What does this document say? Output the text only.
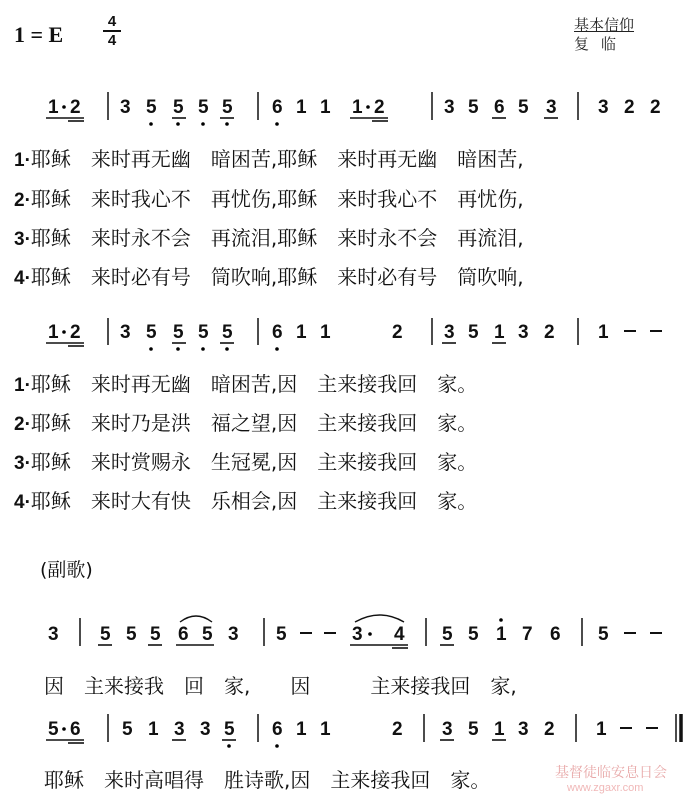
1 = E
4
4
基本信仰
复临
1 2 3 5 5 5 5 6 1 1 1 2	3 5 6 5 3 3 2 2
1 2 3 5 5 5 5 6 1 1	2 3 5 1 3 2 1
3 5 5 5 6 5 3 5	3 4 5 5 1 7 6 5
5 6 5 1 3 3 5 6 1 1	2 3 5 1 3 2 1
1·耶稣　来时再无幽　暗困苦,耶稣　来时再无幽　暗困苦,
2·耶稣　来时我心不　再忧伤,耶稣　来时我心不　再忧伤,
3·耶稣　来时永不会　再流泪,耶稣　来时永不会　再流泪,
4·耶稣　来时必有号　筒吹响,耶稣　来时必有号　筒吹响,
1·耶稣　来时再无幽　暗困苦,因　主来接我回　家。
2·耶稣　来时乃是洪　福之望,因　主来接我回　家。
3·耶稣　来时赏赐永　生冠冕,因　主来接我回　家。
4·耶稣　来时大有快　乐相会,因　主来接我回　家。
(副歌)
因　主来接我　回　家,　　因　　　主来接我回　家,
耶稣　来时高唱得　胜诗歌,因　主来接我回　家。	基督徒临安息日会
www.zgaxr.com
